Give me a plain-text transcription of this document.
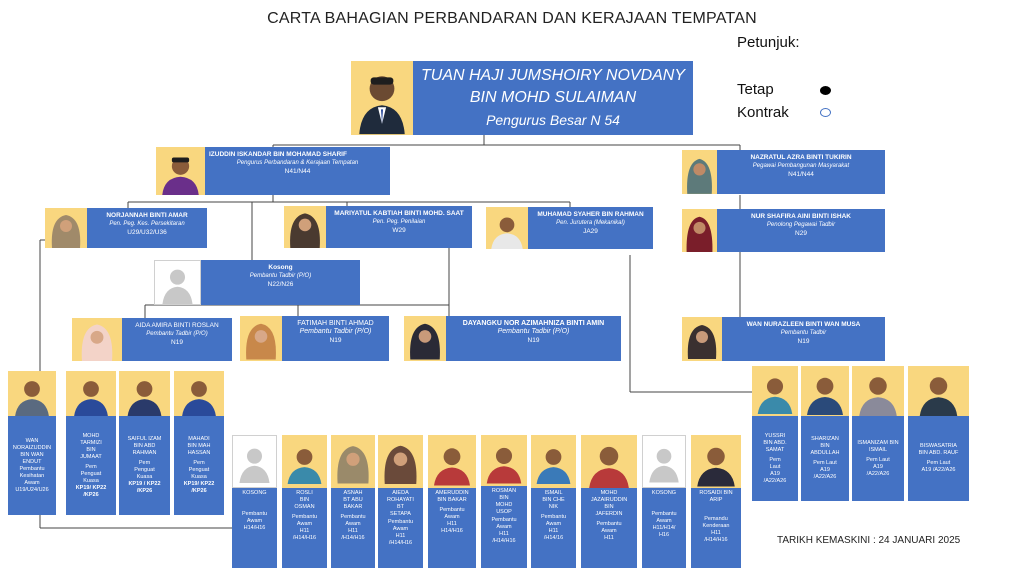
CARTA BAHAGIAN PERBANDARAN DAN KERAJAAN TEMPATAN
Petunjuk:
Tetap
Kontrak
TUAN HAJI JUMSHOIRY NOVDANY
BIN MOHD SULAIMAN
Pengurus Besar N 54
IZUDDIN ISKANDAR BIN MOHAMAD SHARIF
Pengurus Perbandaran & Kerajaan Tempatan
N41/N44
NAZRATUL AZRA BINTI TUKIRIN
Pegawai Pembangunan Masyarakat
N41/N44
NORJANNAH BINTI AMAR
Pen. Peg. Kes. Persekitaran
U29/U32/U36
MARIYATUL KABTIAH BINTI MOHD. SAAT
Pen. Peg. Penilaian
W29
MUHAMAD SYAHER BIN RAHMAN
Pen. Jurutera (Mekanikal)
JA29
NUR SHAFIRA AINI BINTI ISHAK
Penolong Pegawai Tadbir
N29
Kosong
Pembantu Tadbir (P/O)
N22/N26
AIDA AMIRA BINTI ROSLAN
Pembantu Tadbir (P/O)
N19
FATIMAH BINTI AHMAD
Pembantu Tadbir (P/O)
N19
DAYANGKU NOR AZIMAHNIZA BINTI AMIN
Pembantu Tadbir (P/O)
N19
WAN NURAZLEEN BINTI WAN MUSA
Pembantu Tadbir
N19
WAN
NORAIZUDDIN
BIN WAN
ENDUT
Pembantu
Kesihatan
Awam
U19/U24/U26
MOHD
TARMIZI
BIN
JUMAAT
Pem
Penguat
Kuasa
KP19/ KP22
/KP26
SAIFUL IZAM
BIN ABD
RAHMAN
Pem
Penguat
Kuasa
KP19 / KP22
/KP26
MAHADI
BIN MAH
HASSAN
Pem
Penguat
Kuasa
KP19/ KP22
/KP26
YUSSRI
BIN ABD.
SAMAT
Pem
Laut
A19
/A22/A26
SHARIZAN
BIN
ABDULLAH
Pem Laut
A19
/A22/A26
ISMANIZAM BIN ISMAIL
Pem Laut
A19
/A22/A26
BISWASATRIA
BIN ABD. RAUF
Pem Laut
A19 /A22/A26
KOSONG
Pembantu
Awam
H14/H16
ROSLI
BIN
OSMAN
Pembantu
Awam
H11
/H14/H16
ASNAH
BT ABU
BAKAR
Pembantu
Awam
H11
/H14/H16
AIEDA
ROHAYATI
BT
SETAPA
Pembantu
Awam
H11
/H14/H16
AMERUDDIN
BIN BAKAR
Pembantu
Awam
H11
H14/H16
ROSMAN
BIN
MOHD
USOP
Pembantu
Awam
H11
/H14/H16
ISMAIL
BIN CHE
NIK
Pembantu
Awam
H11
/H14/16
MOHD
JAZAIRUDDIN
BIN
JAFERDIN
Pembantu
Awam
H11
KOSONG
Pembantu
Awam
H11/H14/
H16
ROSAIDI BIN
ARIP
Pemandu
Kenderaan
H11
/H14/H16	TARIKH KEMASKINI : 24 JANUARI 2025
